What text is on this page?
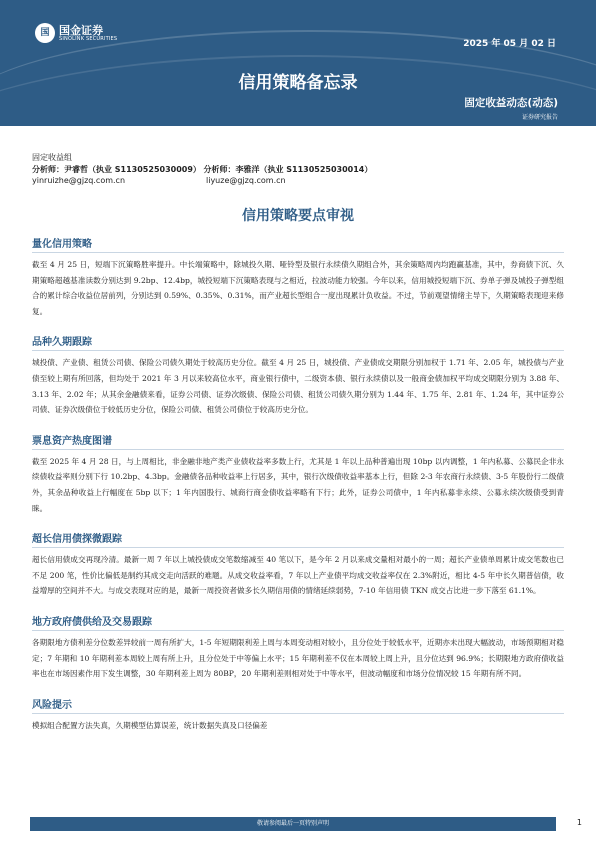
国 国金证券
SINOLINK SECURITIES	2025 年 05 月 02 日
信用策略备忘录
固定收益动态(动态)
证券研究报告
固定收益组
分析师：尹睿哲（执业 S1130525030009） 分析师：李雅洋（执业 S1130525030014）
yinruizhe@gjzq.com.cn	liyuze@gjzq.com.cn
信用策略要点审视
量化信用策略
截至 4 月 25 日，短端下沉策略胜率提升。中长端策略中，除城投久期、哑铃型及银行永续债久期组合外，其余策略周内均跑赢基准，其中，券商债下沉、久期策略超越基准读数分别达到 9.2bp、12.4bp，城投短端下沉策略表现与之相近，拉波动能力较强。今年以来，信用城投短端下沉、券单子弹及城投子弹型组合的累计综合收益位居前列，分别达到 0.59%、0.35%、0.31%，而产业超长型组合一度出现累计负收益。不过，节前观望情绪主导下，久期策略表现迎来修复。
品种久期跟踪
城投债、产业债、租赁公司债、保险公司债久期处于较高历史分位。截至 4 月 25 日，城投债、产业债成交期限分别加权于 1.71 年、2.05 年，城投债与产业债至较上期有所回落，但均处于 2021 年 3 月以来较高位水平，商业银行债中，二级资本债、银行永续债以及一般商金债加权平均成交期限分别为 3.88 年、3.13 年、2.02 年；从其余金融债来看，证券公司债、证券次级债、保险公司债、租赁公司债久期分别为 1.44 年、1.75 年、2.81 年、1.24 年，其中证券公司债、证券次级债位于较低历史分位，保险公司债、租赁公司债位于较高历史分位。
票息资产热度图谱
截至 2025 年 4 月 28 日，与上周相比，非金融非地产类产业债收益率多数上行，尤其是 1 年以上品种普遍出现 10bp 以内调整，1 年内私募、公募民企非永续债收益率则分别下行 10.2bp、4.3bp。金融债各品种收益率上行居多，其中，银行次级债收益率基本上行，但除 2-3 年农商行永续债、3-5 年股份行二级债外，其余品种收益上行幅度在 5bp 以下；1 年内国股行、城商行商金债收益率略有下行；此外，证券公司债中，1 年内私募非永续、公募永续次级债受到青睐。
超长信用债探微跟踪
超长信用债成交再现冷清。最新一周 7 年以上城投债成交笔数缩减至 40 笔以下，是今年 2 月以来成交量相对最小的一周；超长产业债单周累计成交笔数也已不足 200 笔，性价比偏低是制约其成交走向活跃的难题。从成交收益率看，7 年以上产业债平均成交收益率仅在 2.3%附近，相比 4-5 年中长久期普信债，收益增厚的空间并不大。与成交表现对应的是，最新一周投资者做多长久期信用债的情绪延续弱势，7-10 年信用债 TKN 成交占比进一步下落至 61.1%。
地方政府债供给及交易跟踪
各期限地方债利差分位数差异较前一周有所扩大，1-5 年短期限利差上周与本周变动相对较小，且分位处于较低水平，近期亦未出现大幅波动，市场预期相对稳定；7 年期和 10 年期利差本周较上周有所上升，且分位处于中等偏上水平；15 年期利差不仅在本周较上周上升，且分位达到 96.9%；长期限地方政府债收益率也在市场因素作用下发生调整，30 年期利差上周为 80BP，20 年期利差则相对处于中等水平，但波动幅度和市场分位情况较 15 年期有所不同。
风险提示
模拟组合配置方法失真，久期模型估算误差，统计数据失真及口径偏差
敬请参阅最后一页特别声明	1
